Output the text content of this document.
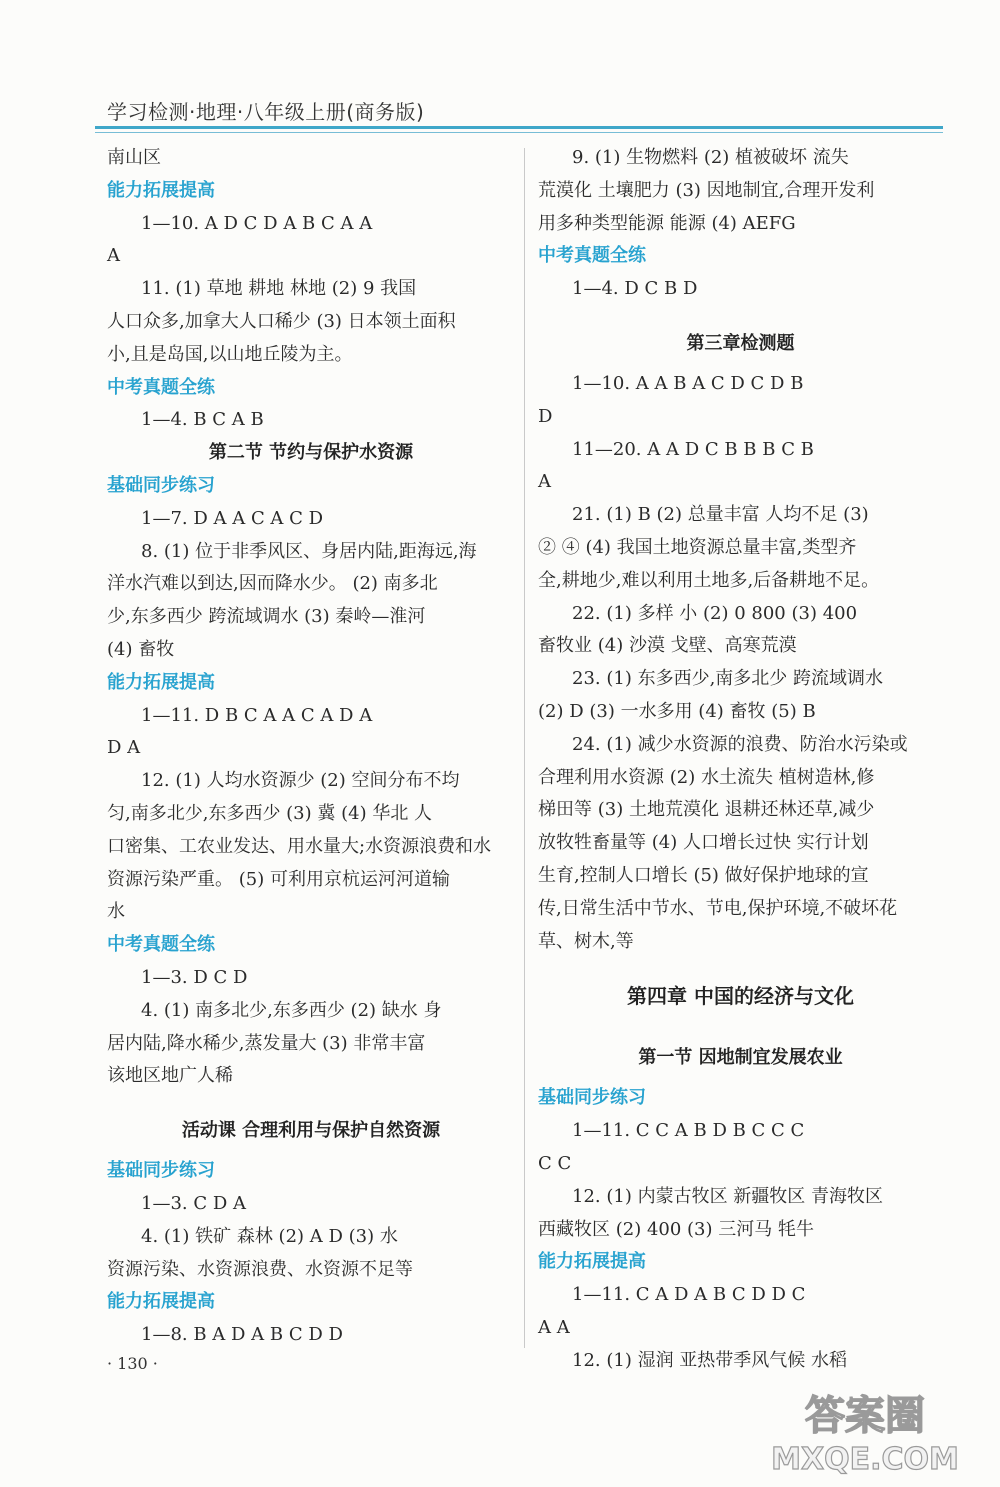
学习检测·地理·八年级上册(商务版)
南山区
能力拓展提高
1—10. A D C D A B C A A
A
11. (1) 草地 耕地 林地 (2) 9 我国
人口众多,加拿大人口稀少 (3) 日本领土面积
小,且是岛国,以山地丘陵为主。
中考真题全练
1—4. B C A B
第二节 节约与保护水资源
基础同步练习
1—7. D A A C A C D
8. (1) 位于非季风区、身居内陆,距海远,海
洋水汽难以到达,因而降水少。 (2) 南多北
少,东多西少 跨流域调水 (3) 秦岭—淮河
(4) 畜牧
能力拓展提高
1—11. D B C A A C A D A
D A
12. (1) 人均水资源少 (2) 空间分布不均
匀,南多北少,东多西少 (3) 冀 (4) 华北 人
口密集、工农业发达、用水量大;水资源浪费和水
资源污染严重。 (5) 可利用京杭运河河道输
水
中考真题全练
1—3. D C D
4. (1) 南多北少,东多西少 (2) 缺水 身
居内陆,降水稀少,蒸发量大 (3) 非常丰富
该地区地广人稀
活动课 合理利用与保护自然资源
基础同步练习
1—3. C D A
4. (1) 铁矿 森林 (2) A D (3) 水
资源污染、水资源浪费、水资源不足等
能力拓展提高
1—8. B A D A B C D D
9. (1) 生物燃料 (2) 植被破坏 流失
荒漠化 土壤肥力 (3) 因地制宜,合理开发利
用多种类型能源 能源 (4) AEFG
中考真题全练
1—4. D C B D
第三章检测题
1—10. A A B A C D C D B
D
11—20. A A D C B B B C B
A
21. (1) B (2) 总量丰富 人均不足 (3)
② ④ (4) 我国土地资源总量丰富,类型齐
全,耕地少,难以利用土地多,后备耕地不足。
22. (1) 多样 小 (2) 0 800 (3) 400
畜牧业 (4) 沙漠 戈壁、高寒荒漠
23. (1) 东多西少,南多北少 跨流域调水
(2) D (3) 一水多用 (4) 畜牧 (5) B
24. (1) 减少水资源的浪费、防治水污染或
合理利用水资源 (2) 水土流失 植树造林,修
梯田等 (3) 土地荒漠化 退耕还林还草,减少
放牧牲畜量等 (4) 人口增长过快 实行计划
生育,控制人口增长 (5) 做好保护地球的宣
传,日常生活中节水、节电,保护环境,不破坏花
草、树木,等
第四章 中国的经济与文化
第一节 因地制宜发展农业
基础同步练习
1—11. C C A B D B C C C
C C
12. (1) 内蒙古牧区 新疆牧区 青海牧区
西藏牧区 (2) 400 (3) 三河马 牦牛
能力拓展提高
1—11. C A D A B C D D C
A A
12. (1) 湿润 亚热带季风气候 水稻
· 130 ·
答案圈
MXQE.COM
